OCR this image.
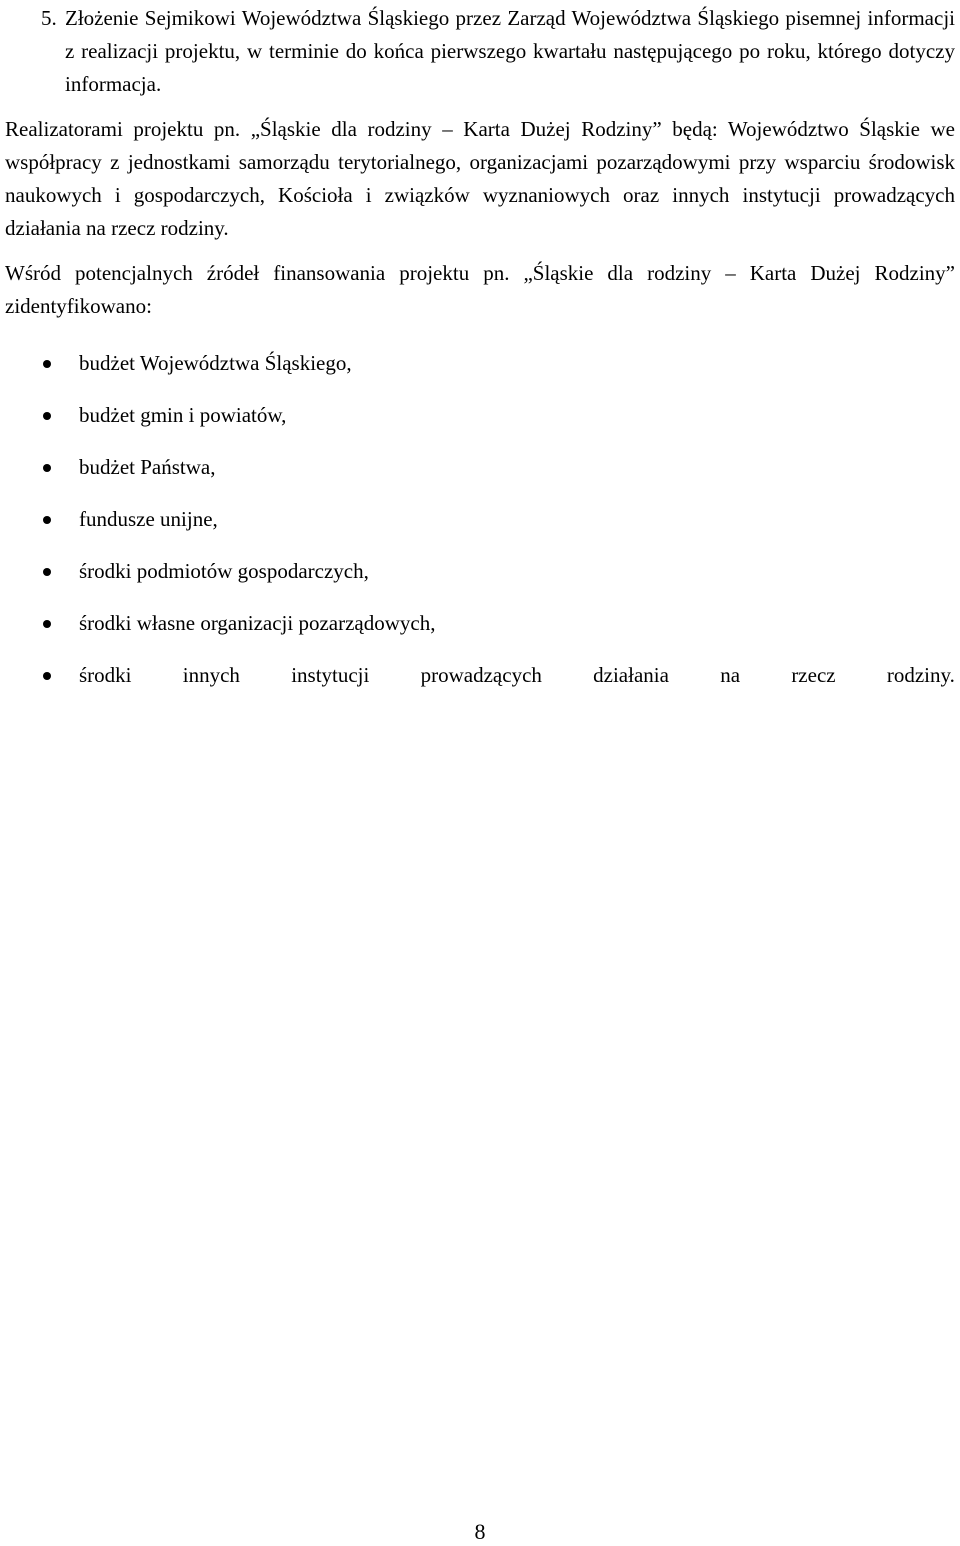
5. Złożenie Sejmikowi Województwa Śląskiego przez Zarząd Województwa Śląskiego pisemnej informacji z realizacji projektu, w terminie do końca pierwszego kwartału następującego po roku, którego dotyczy informacja.

Realizatorami projektu pn. „Śląskie dla rodziny – Karta Dużej Rodziny” będą: Województwo Śląskie we współpracy z jednostkami samorządu terytorialnego, organizacjami pozarządowymi przy wsparciu środowisk naukowych i gospodarczych, Kościoła i związków wyznaniowych oraz innych instytucji prowadzących działania na rzecz rodziny.

Wśród potencjalnych źródeł finansowania projektu pn. „Śląskie dla rodziny – Karta Dużej Rodziny” zidentyfikowano:

budżet Województwa Śląskiego,
budżet gmin i powiatów,
budżet Państwa,
fundusze unijne,
środki podmiotów gospodarczych,
środki własne organizacji pozarządowych,
środki innych instytucji prowadzących działania na rzecz rodziny.
8
